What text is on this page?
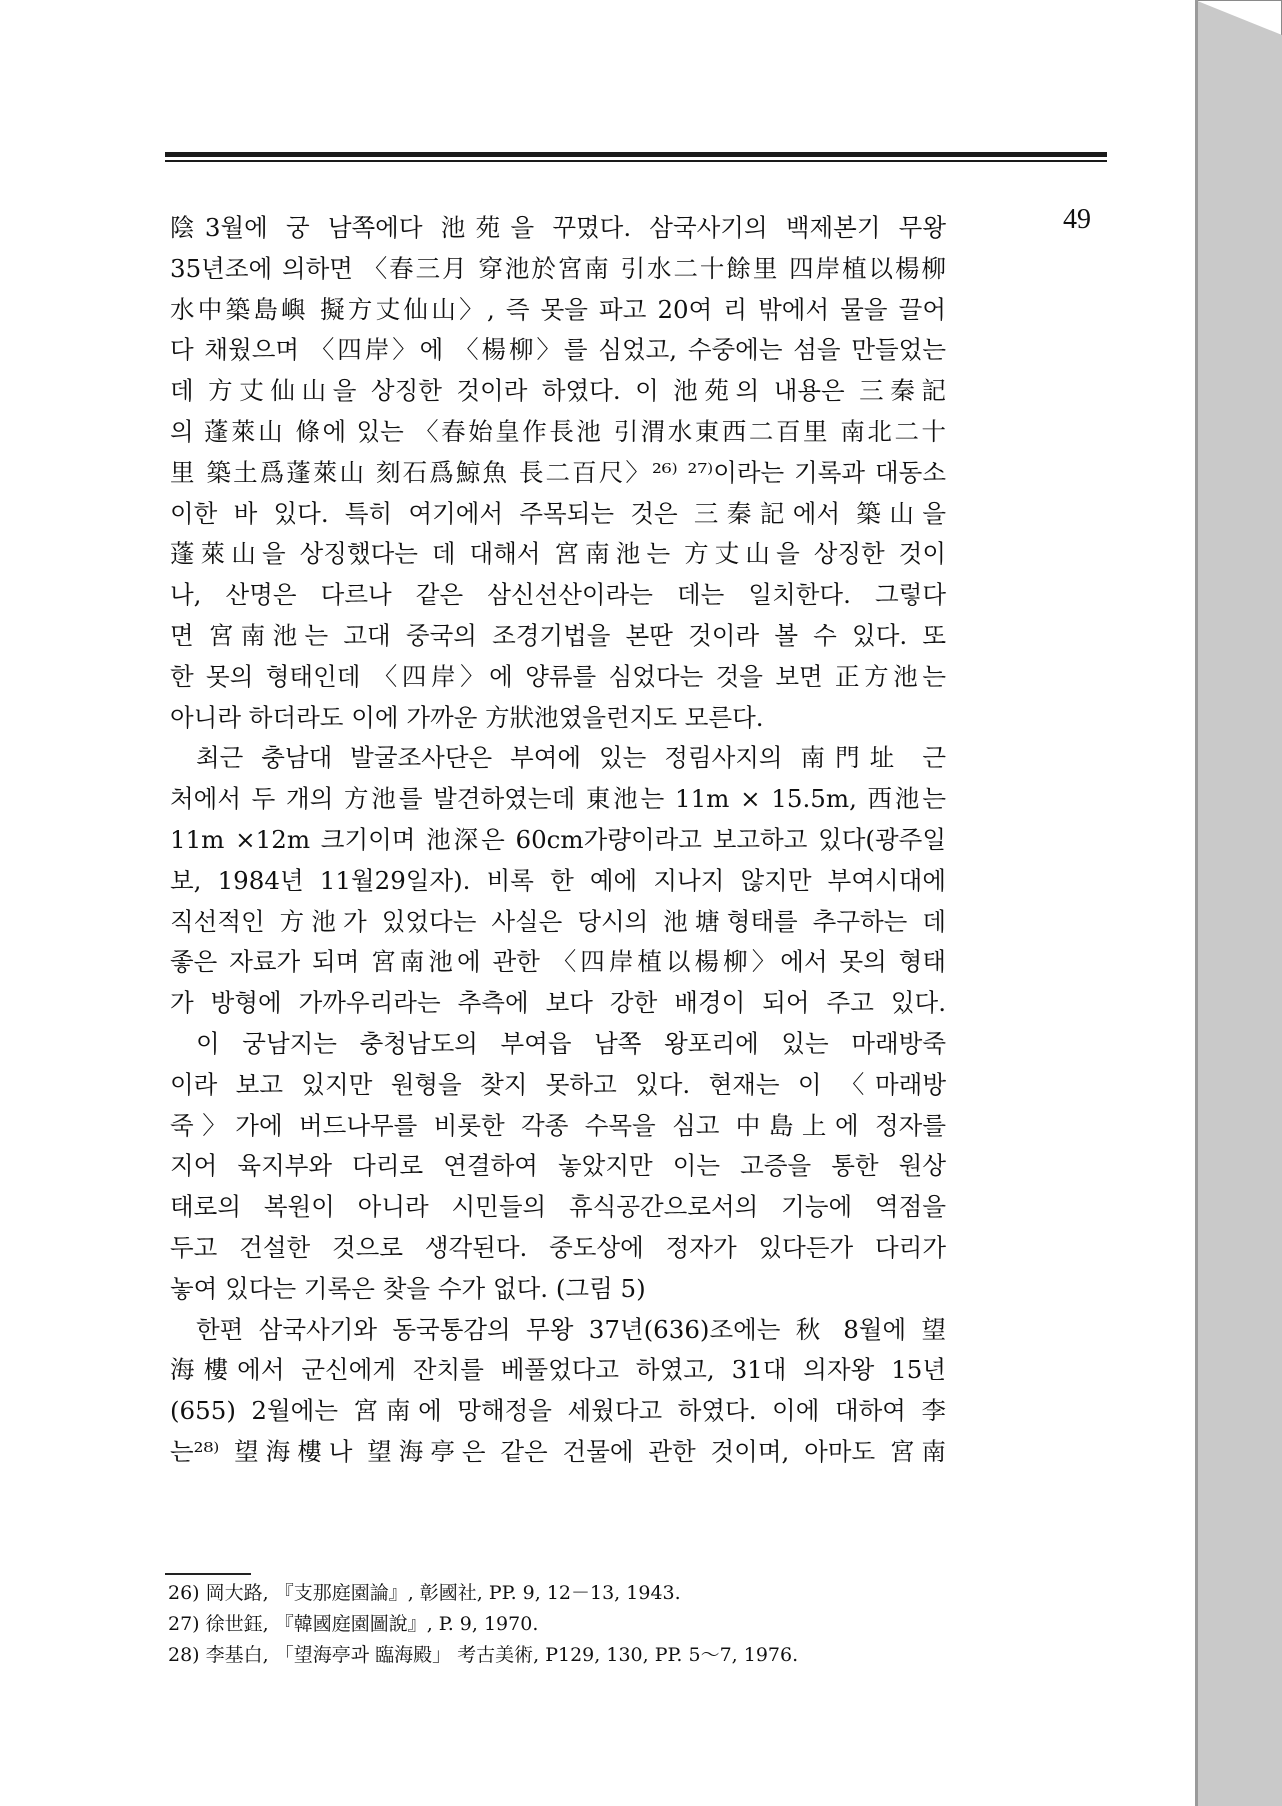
49
陰3월에 궁 남쪽에다 池苑을 꾸몄다. 삼국사기의 백제본기 무왕
35년조에 의하면 〈春三月 穿池於宮南 引水二十餘里 四岸植以楊柳
水中築島嶼 擬方丈仙山〉, 즉 못을 파고 20여 리 밖에서 물을 끌어
다 채웠으며 〈四岸〉에 〈楊柳〉를 심었고, 수중에는 섬을 만들었는
데 方丈仙山을 상징한 것이라 하였다. 이 池苑의 내용은 三秦記
의 蓬萊山 條에 있는 〈春始皇作長池 引渭水東西二百里 南北二十
里 築土爲蓬萊山 刻石爲鯨魚 長二百尺〉²⁶⁾ ²⁷⁾이라는 기록과 대동소
이한 바 있다. 특히 여기에서 주목되는 것은 三秦記에서 築山을
蓬萊山을 상징했다는 데 대해서 宮南池는 方丈山을 상징한 것이
나, 산명은 다르나 같은 삼신선산이라는 데는 일치한다. 그렇다
면 宮南池는 고대 중국의 조경기법을 본딴 것이라 볼 수 있다. 또
한 못의 형태인데 〈四岸〉에 양류를 심었다는 것을 보면 正方池는
아니라 하더라도 이에 가까운 方狀池였을런지도 모른다.
최근 충남대 발굴조사단은 부여에 있는 정림사지의 南門址 근
처에서 두 개의 方池를 발견하였는데 東池는 11m × 15.5m, 西池는
11m ×12m 크기이며 池深은 60cm가량이라고 보고하고 있다(광주일
보, 1984년 11월29일자). 비록 한 예에 지나지 않지만 부여시대에
직선적인 方池가 있었다는 사실은 당시의 池塘형태를 추구하는 데
좋은 자료가 되며 宮南池에 관한 〈四岸植以楊柳〉에서 못의 형태
가 방형에 가까우리라는 추측에 보다 강한 배경이 되어 주고 있다.
이 궁남지는 충청남도의 부여읍 남쪽 왕포리에 있는 마래방죽
이라 보고 있지만 원형을 찾지 못하고 있다. 현재는 이 〈마래방
죽〉가에 버드나무를 비롯한 각종 수목을 심고 中島上에 정자를
지어 육지부와 다리로 연결하여 놓았지만 이는 고증을 통한 원상
태로의 복원이 아니라 시민들의 휴식공간으로서의 기능에 역점을
두고 건설한 것으로 생각된다. 중도상에 정자가 있다든가 다리가
놓여 있다는 기록은 찾을 수가 없다. (그림 5)
한편 삼국사기와 동국통감의 무왕 37년(636)조에는 秋 8월에 望
海樓에서 군신에게 잔치를 베풀었다고 하였고, 31대 의자왕 15년
(655) 2월에는 宮南에 망해정을 세웠다고 하였다. 이에 대하여 李
는²⁸⁾ 望海樓나 望海亭은 같은 건물에 관한 것이며, 아마도 宮南
26) 岡大路, 『支那庭園論』, 彰國社, PP. 9, 12－13, 1943.
27) 徐世鈺, 『韓國庭園圖說』, P. 9, 1970.
28) 李基白, 「望海亭과 臨海殿」 考古美術, P129, 130, PP. 5～7, 1976.
